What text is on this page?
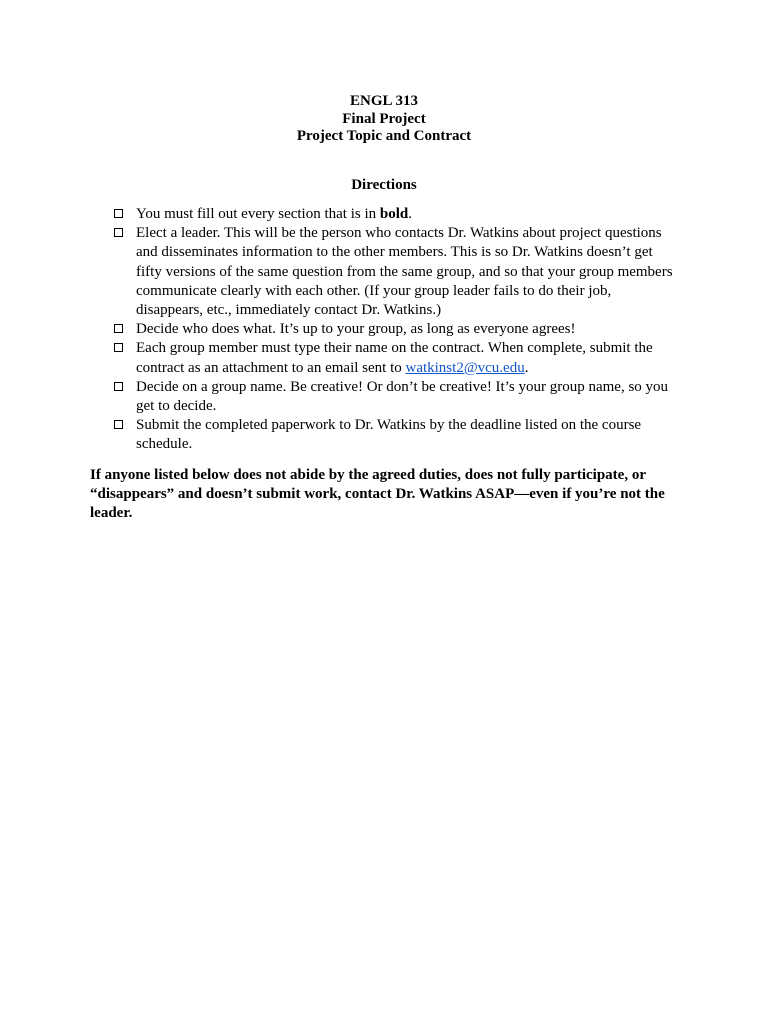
ENGL 313
Final Project
Project Topic and Contract
Directions
You must fill out every section that is in bold.
Elect a leader. This will be the person who contacts Dr. Watkins about project questions and disseminates information to the other members. This is so Dr. Watkins doesn’t get fifty versions of the same question from the same group, and so that your group members communicate clearly with each other. (If your group leader fails to do their job, disappears, etc., immediately contact Dr. Watkins.)
Decide who does what. It’s up to your group, as long as everyone agrees!
Each group member must type their name on the contract. When complete, submit the contract as an attachment to an email sent to watkinst2@vcu.edu.
Decide on a group name. Be creative! Or don’t be creative! It’s your group name, so you get to decide.
Submit the completed paperwork to Dr. Watkins by the deadline listed on the course schedule.
If anyone listed below does not abide by the agreed duties, does not fully participate, or “disappears” and doesn’t submit work, contact Dr. Watkins ASAP—even if you’re not the leader.
